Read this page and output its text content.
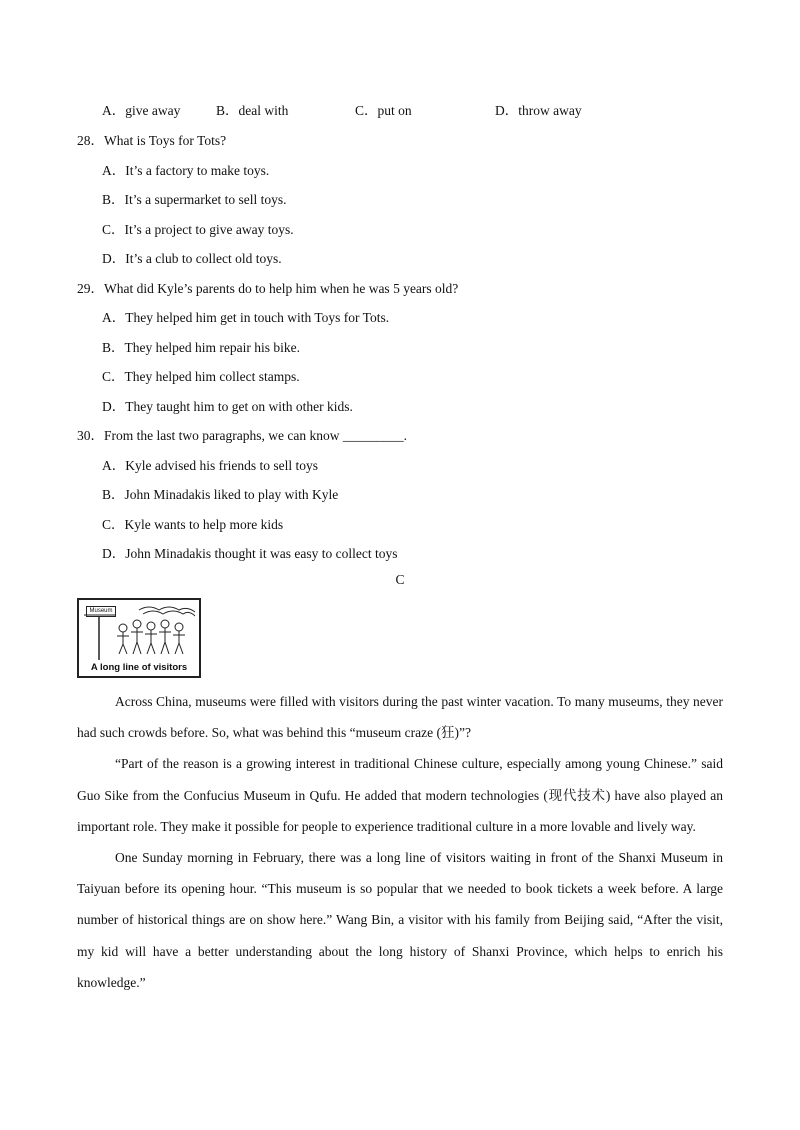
A．give away	B．deal with	C．put on	D．throw away
28．What is Toys for Tots?
A．It’s a factory to make toys.
B．It’s a supermarket to sell toys.
C．It’s a project to give away toys.
D．It’s a club to collect old toys.
29．What did Kyle’s parents do to help him when he was 5 years old?
A．They helped him get in touch with Toys for Tots.
B．They helped him repair his bike.
C．They helped him collect stamps.
D．They taught him to get on with other kids.
30．From the last two paragraphs, we can know _________.
A．Kyle advised his friends to sell toys
B．John Minadakis liked to play with Kyle
C．Kyle wants to help more kids
D．John Minadakis thought it was easy to collect toys
C
Museum
A long line of visitors

Across China, museums were filled with visitors during the past winter vacation. To many museums, they never had such crowds before. So, what was behind this “museum craze (狂)”?

“Part of the reason is a growing interest in traditional Chinese culture, especially among young Chinese.” said Guo Sike from the Confucius Museum in Qufu. He added that modern technologies (现代技术) have also played an important role. They make it possible for people to experience traditional culture in a more lovable and lively way.

One Sunday morning in February, there was a long line of visitors waiting in front of the Shanxi Museum in Taiyuan before its opening hour. “This museum is so popular that we needed to book tickets a week before. A large number of historical things are on show here.” Wang Bin, a visitor with his family from Beijing said, “After the visit, my kid will have a better understanding about the long history of Shanxi Province, which helps to enrich his knowledge.”
